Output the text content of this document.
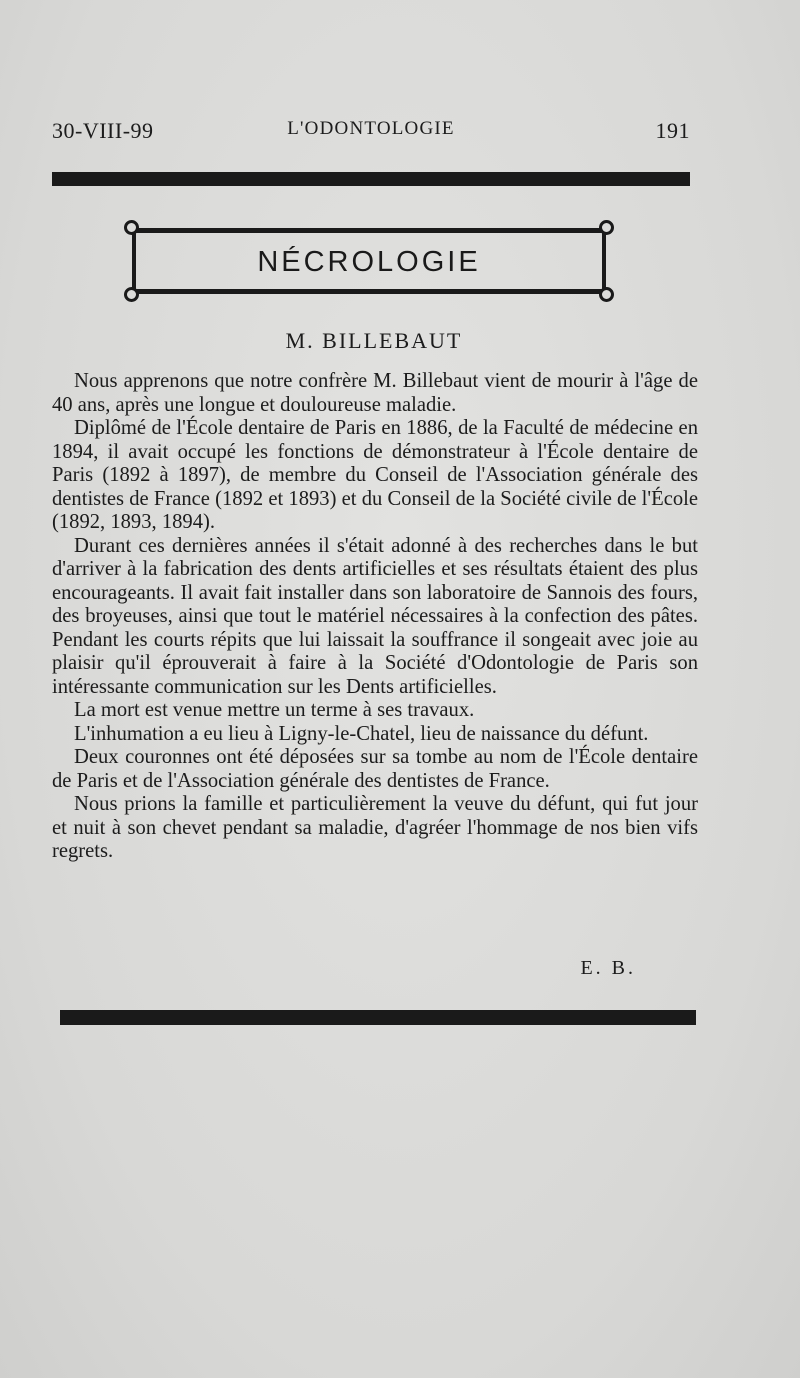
30-VIII-99	L'ODONTOLOGIE	191
NÉCROLOGIE
M. BILLEBAUT

Nous apprenons que notre confrère M. Billebaut vient de mourir à l'âge de 40 ans, après une longue et douloureuse maladie.

Diplômé de l'École dentaire de Paris en 1886, de la Faculté de médecine en 1894, il avait occupé les fonctions de démonstrateur à l'École dentaire de Paris (1892 à 1897), de membre du Conseil de l'Association générale des dentistes de France (1892 et 1893) et du Conseil de la Société civile de l'École (1892, 1893, 1894).

Durant ces dernières années il s'était adonné à des recherches dans le but d'arriver à la fabrication des dents artificielles et ses résultats étaient des plus encourageants. Il avait fait installer dans son laboratoire de Sannois des fours, des broyeuses, ainsi que tout le matériel nécessaires à la confection des pâtes. Pendant les courts répits que lui laissait la souffrance il songeait avec joie au plaisir qu'il éprouverait à faire à la Société d'Odontologie de Paris son intéressante communication sur les Dents artificielles.

La mort est venue mettre un terme à ses travaux.

L'inhumation a eu lieu à Ligny-le-Chatel, lieu de naissance du défunt.

Deux couronnes ont été déposées sur sa tombe au nom de l'École dentaire de Paris et de l'Association générale des dentistes de France.

Nous prions la famille et particulièrement la veuve du défunt, qui fut jour et nuit à son chevet pendant sa maladie, d'agréer l'hommage de nos bien vifs regrets.

E. B.
